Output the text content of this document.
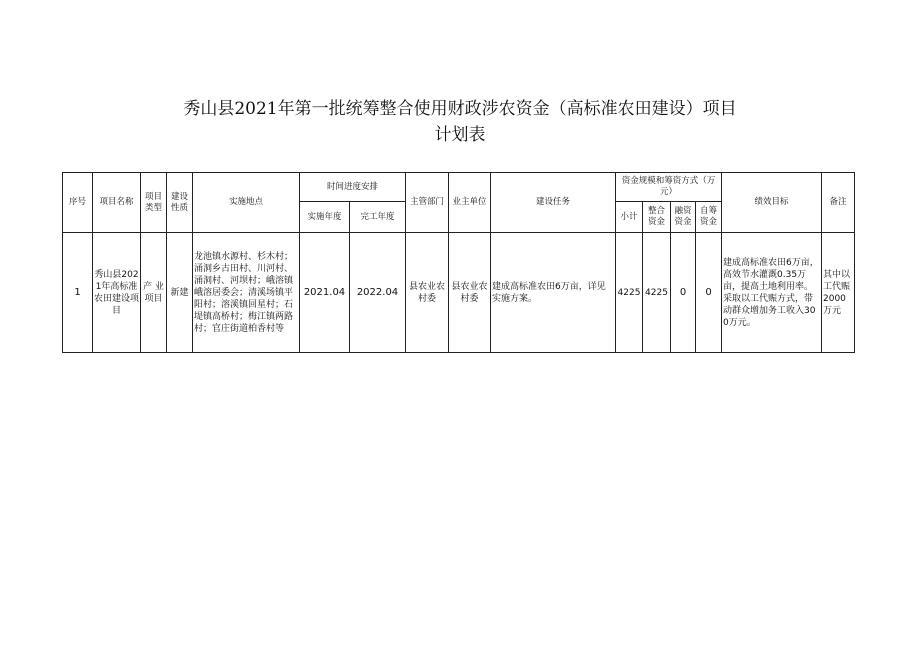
秀山县2021年第一批统筹整合使用财政涉农资金（高标准农田建设）项目
计划表
序号	项目名称	项目类型	建设性质	实施地点	时间进度安排		主管部门	业主单位	建设任务	资金规模和筹资方式（万元）				绩效目标	备注
					实施年度	完工年度				小计	整合资金	融资资金	自筹资金		
1	秀山县2021年高标准农田建设项目	产 业项目	新建	龙池镇水源村、杉木村；涌洞乡古田村、川河村、涌洞村、河坝村；峨溶镇峨溶居委会；清溪场镇平阳村；溶溪镇回星村；石堤镇高桥村；梅江镇两路村；官庄街道柏香村等	2021.04	2022.04	县农业农村委	县农业农村委	建成高标准农田6万亩，详见实施方案。	4225	4225	0	0	建成高标准农田6万亩，高效节水灌溉0.35万亩，提高土地利用率。采取以工代赈方式，带动群众增加务工收入300万元。	其中以工代赈2000万元
